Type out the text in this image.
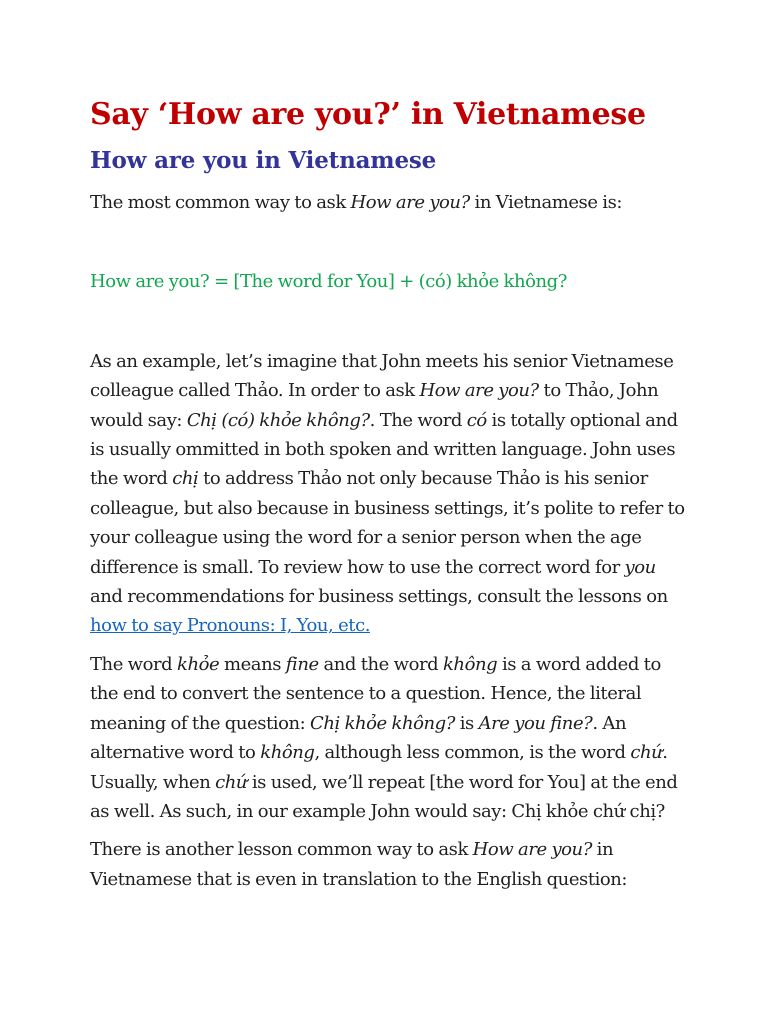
Say ‘How are you?’ in Vietnamese
How are you in Vietnamese

The most common way to ask How are you? in Vietnamese is:

How are you? = [The word for You] + (có) khỏe không?

As an example, let’s imagine that John meets his senior Vietnamese colleague called Thảo. In order to ask How are you? to Thảo, John would say: Chị (có) khỏe không?. The word có is totally optional and is usually ommitted in both spoken and written language. John uses the word chị to address Thảo not only because Thảo is his senior colleague, but also because in business settings, it’s polite to refer to your colleague using the word for a senior person when the age difference is small. To review how to use the correct word for you and recommendations for business settings, consult the lessons on how to say Pronouns: I, You, etc.

The word khỏe means fine and the word không is a word added to the end to convert the sentence to a question. Hence, the literal meaning of the question: Chị khỏe không? is Are you fine?. An alternative word to không, although less common, is the word chứ. Usually, when chứ is used, we’ll repeat [the word for You] at the end as well. As such, in our example John would say: Chị khỏe chứ chị?

There is another lesson common way to ask How are you? in Vietnamese that is even in translation to the English question:
